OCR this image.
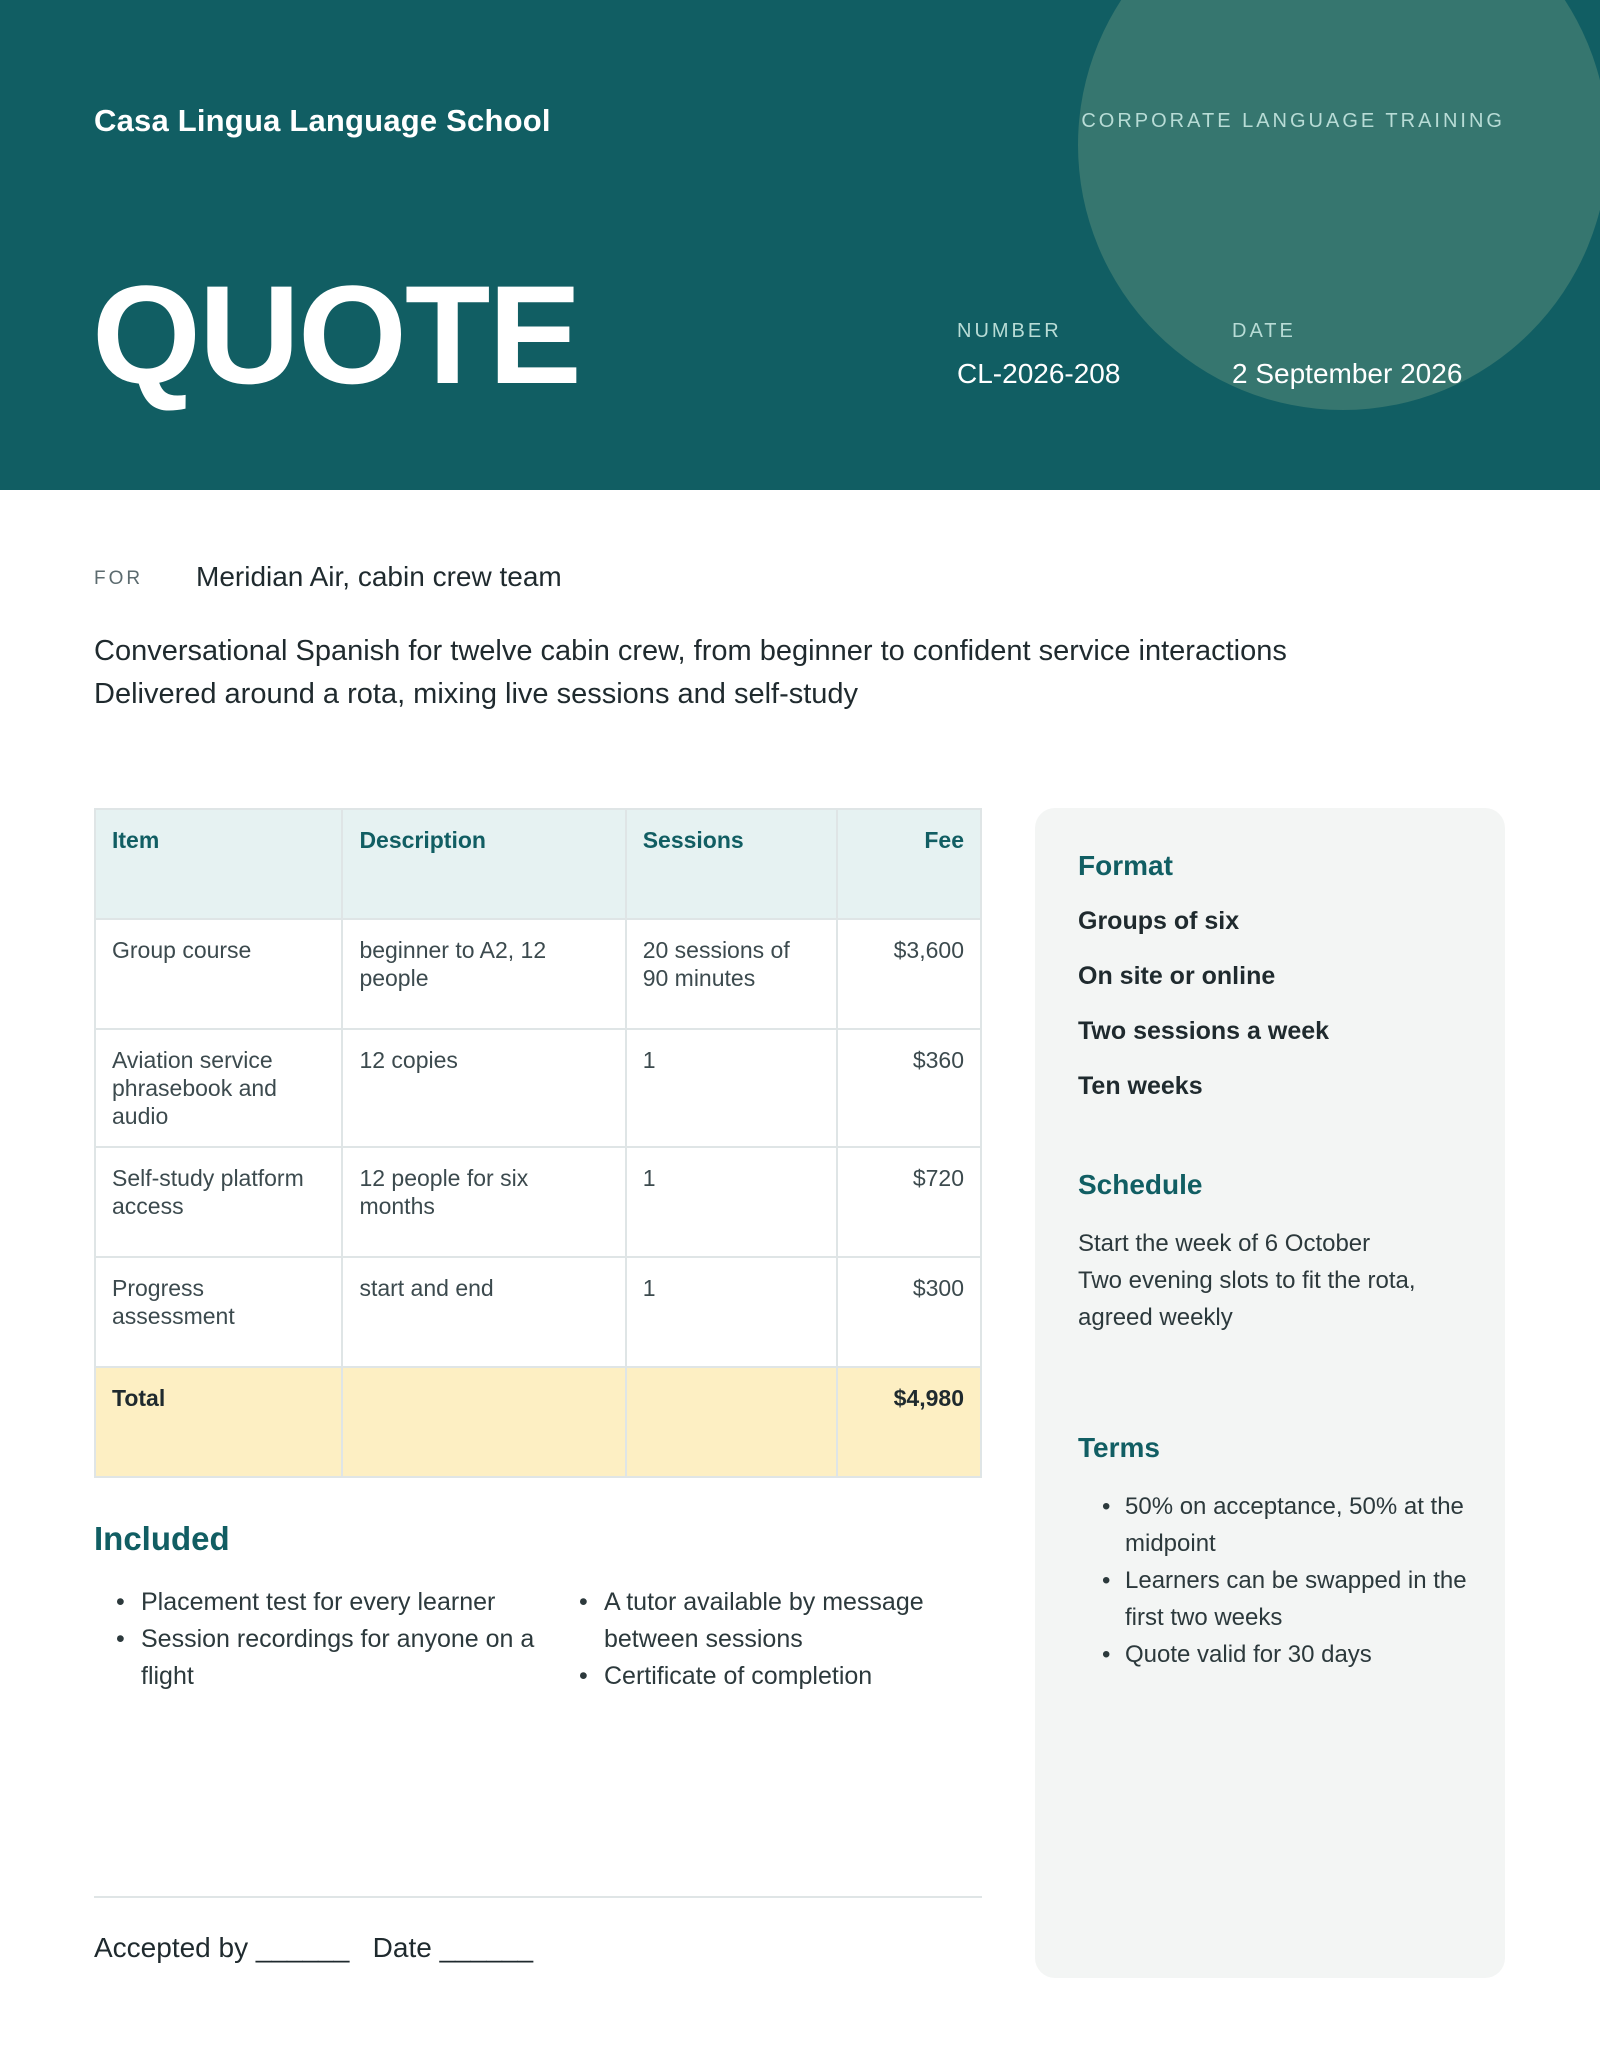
Casa Lingua Language School	CORPORATE LANGUAGE TRAINING
QUOTE	NUMBER
CL-2026-208
DATE
2 September 2026
FOR Meridian Air, cabin crew team
Conversational Spanish for twelve cabin crew, from beginner to confident service interactions
Delivered around a rota, mixing live sessions and self-study
Item	Description	Sessions	Fee
Group course	beginner to A2, 12 people	20 sessions of 90 minutes	$3,600
Aviation service phrasebook and audio	12 copies	1	$360
Self-study platform access	12 people for six months	1	$720
Progress assessment	start and end	1	$300
Total			$4,980
Included
• Placement test for every learner
• Session recordings for anyone on a flight
• A tutor available by message between sessions
• Certificate of completion
Accepted by ______ Date ______
Format
Groups of six
On site or online
Two sessions a week
Ten weeks
Schedule
Start the week of 6 October
Two evening slots to fit the rota, agreed weekly
Terms
• 50% on acceptance, 50% at the midpoint
• Learners can be swapped in the first two weeks
• Quote valid for 30 days
